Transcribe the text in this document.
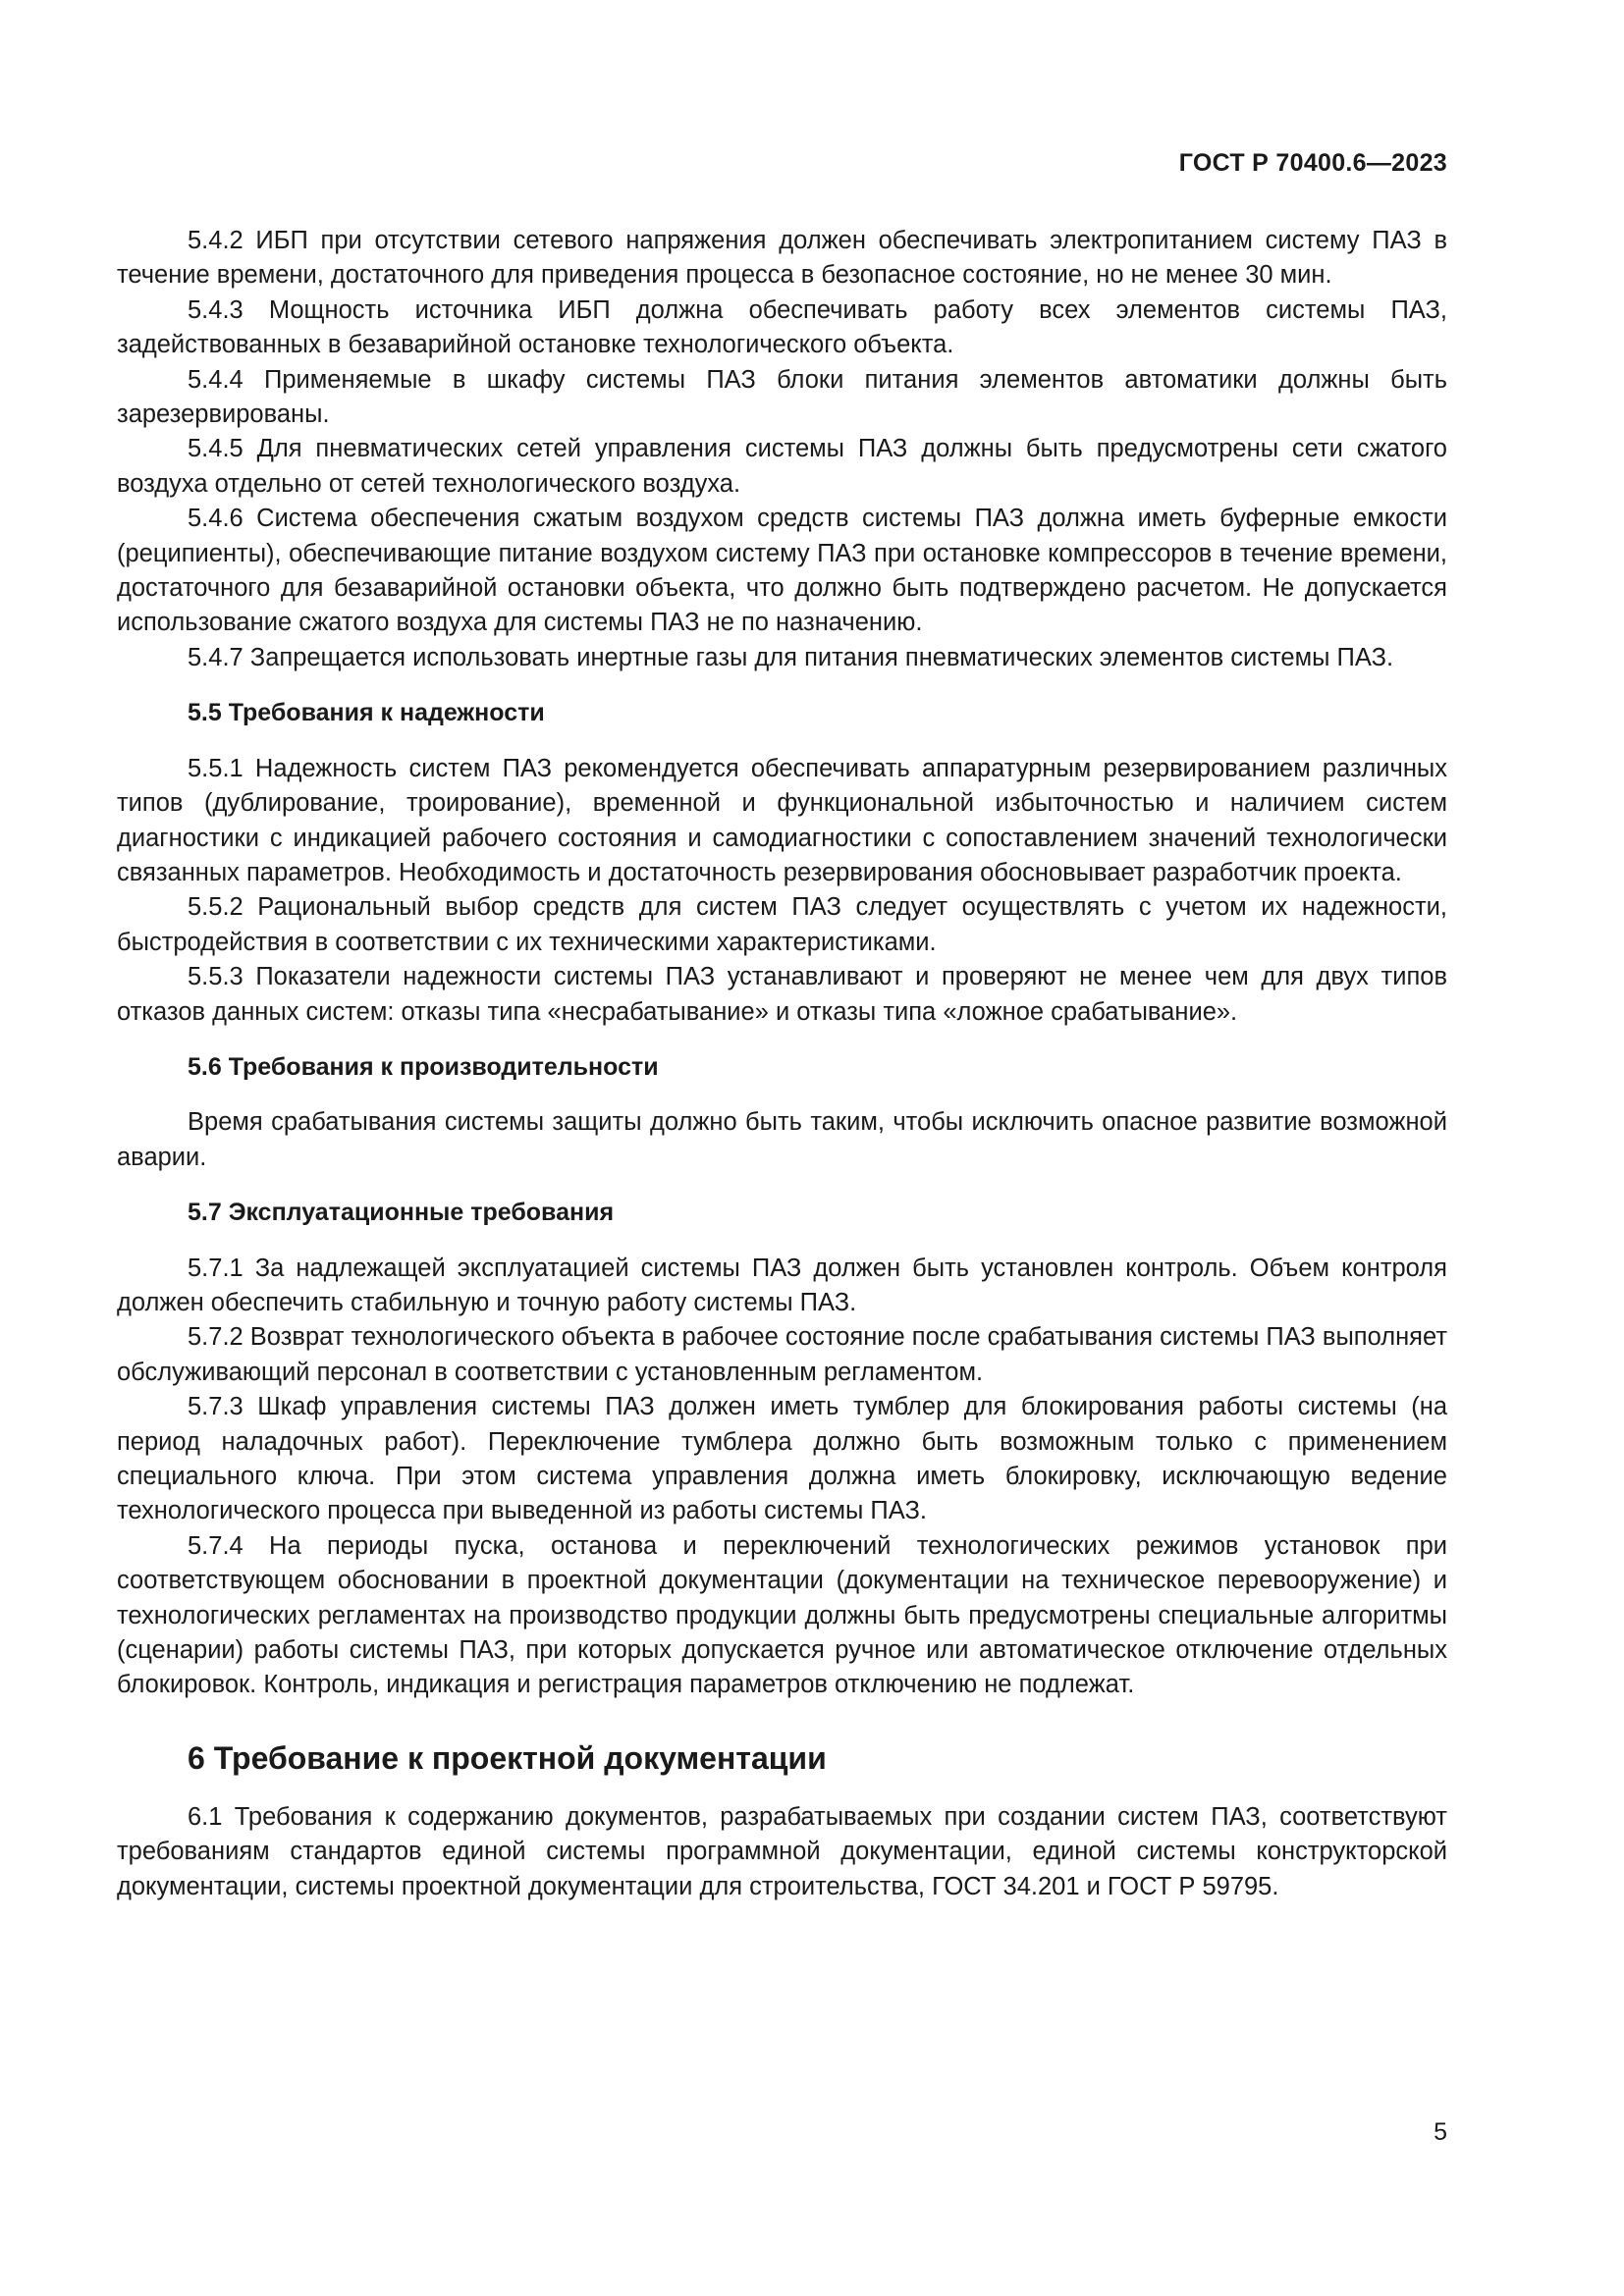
ГОСТ Р 70400.6—2023

5.4.2 ИБП при отсутствии сетевого напряжения должен обеспечивать электропитанием систему ПАЗ в течение времени, достаточного для приведения процесса в безопасное состояние, но не менее 30 мин.

5.4.3 Мощность источника ИБП должна обеспечивать работу всех элементов системы ПАЗ, задействованных в безаварийной остановке технологического объекта.

5.4.4 Применяемые в шкафу системы ПАЗ блоки питания элементов автоматики должны быть зарезервированы.

5.4.5 Для пневматических сетей управления системы ПАЗ должны быть предусмотрены сети сжатого воздуха отдельно от сетей технологического воздуха.

5.4.6 Система обеспечения сжатым воздухом средств системы ПАЗ должна иметь буферные емкости (реципиенты), обеспечивающие питание воздухом систему ПАЗ при остановке компрессоров в течение времени, достаточного для безаварийной остановки объекта, что должно быть подтверждено расчетом. Не допускается использование сжатого воздуха для системы ПАЗ не по назначению.

5.4.7 Запрещается использовать инертные газы для питания пневматических элементов системы ПАЗ.

5.5 Требования к надежности

5.5.1 Надежность систем ПАЗ рекомендуется обеспечивать аппаратурным резервированием различных типов (дублирование, троирование), временной и функциональной избыточностью и наличием систем диагностики с индикацией рабочего состояния и самодиагностики с сопоставлением значений технологически связанных параметров. Необходимость и достаточность резервирования обосновывает разработчик проекта.

5.5.2 Рациональный выбор средств для систем ПАЗ следует осуществлять с учетом их надежности, быстродействия в соответствии с их техническими характеристиками.

5.5.3 Показатели надежности системы ПАЗ устанавливают и проверяют не менее чем для двух типов отказов данных систем: отказы типа «несрабатывание» и отказы типа «ложное срабатывание».

5.6 Требования к производительности

Время срабатывания системы защиты должно быть таким, чтобы исключить опасное развитие возможной аварии.

5.7 Эксплуатационные требования

5.7.1 За надлежащей эксплуатацией системы ПАЗ должен быть установлен контроль. Объем контроля должен обеспечить стабильную и точную работу системы ПАЗ.

5.7.2 Возврат технологического объекта в рабочее состояние после срабатывания системы ПАЗ выполняет обслуживающий персонал в соответствии с установленным регламентом.

5.7.3 Шкаф управления системы ПАЗ должен иметь тумблер для блокирования работы системы (на период наладочных работ). Переключение тумблера должно быть возможным только с применением специального ключа. При этом система управления должна иметь блокировку, исключающую ведение технологического процесса при выведенной из работы системы ПАЗ.

5.7.4 На периоды пуска, останова и переключений технологических режимов установок при соответствующем обосновании в проектной документации (документации на техническое перевооружение) и технологических регламентах на производство продукции должны быть предусмотрены специальные алгоритмы (сценарии) работы системы ПАЗ, при которых допускается ручное или автоматическое отключение отдельных блокировок. Контроль, индикация и регистрация параметров отключению не подлежат.

6 Требование к проектной документации

6.1 Требования к содержанию документов, разрабатываемых при создании систем ПАЗ, соответствуют требованиям стандартов единой системы программной документации, единой системы конструкторской документации, системы проектной документации для строительства, ГОСТ 34.201 и ГОСТ Р 59795.

5
